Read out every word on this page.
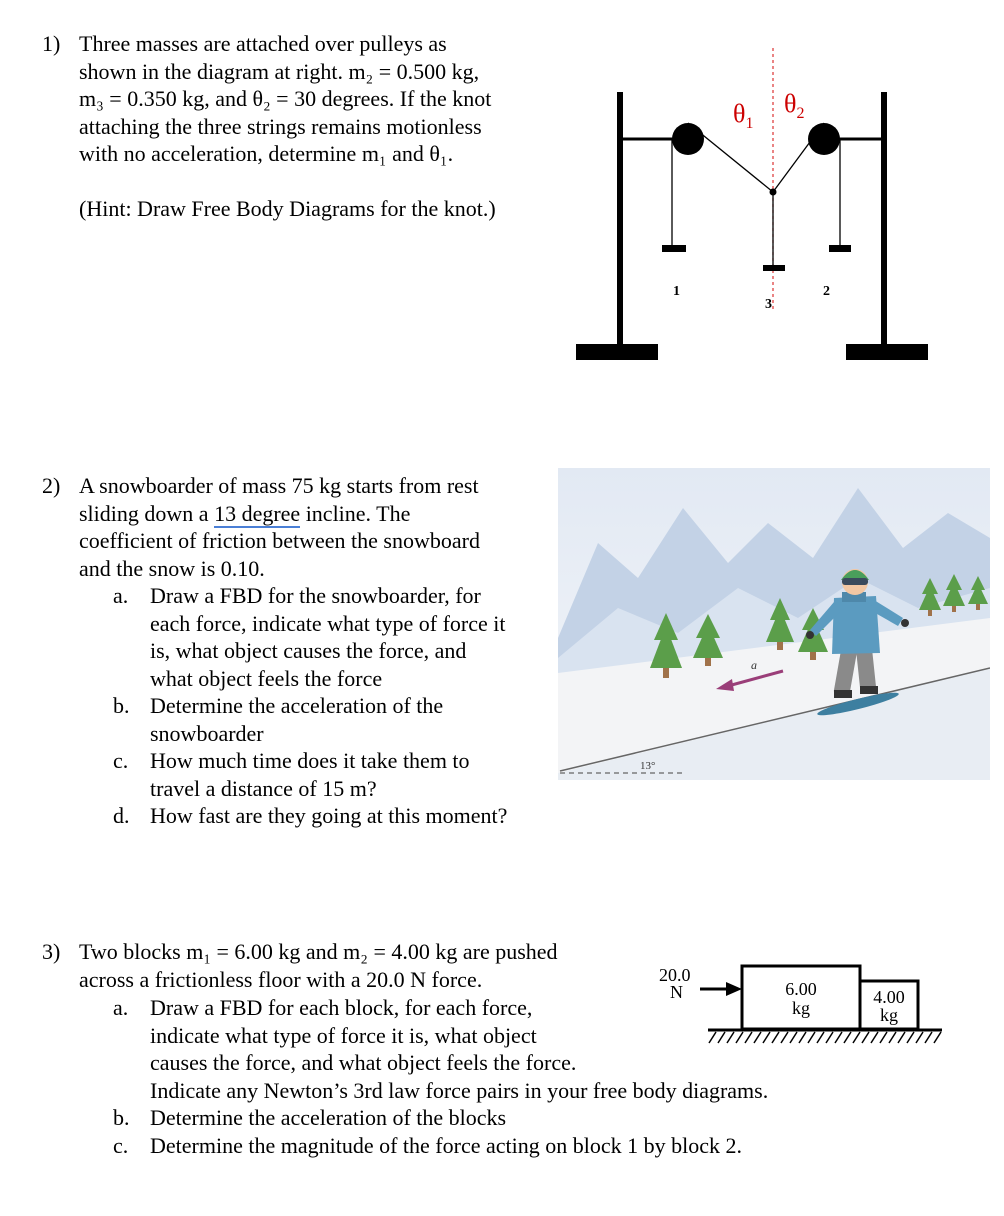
1) Three masses are attached over pulleys as
shown in the diagram at right. m₂ = 0.500 kg,
m₃ = 0.350 kg, and θ₂ = 30 degrees. If the knot
attaching the three strings remains motionless
with no acceleration, determine m₁ and θ₁.
(Hint: Draw Free Body Diagrams for the knot.)
1
3
2
$\theta_1$
$\theta_2$
2) A snowboarder of mass 75 kg starts from rest
sliding down a 13 degree incline. The
coefficient of friction between the snowboard
and the snow is 0.10.
a. Draw a FBD for the snowboarder, for
each force, indicate what type of force it
is, what object causes the force, and
what object feels the force
b. Determine the acceleration of the
snowboarder
c. How much time does it take them to
travel a distance of 15 m?
d. How fast are they going at this moment?
13°
a
3) Two blocks m₁ = 6.00 kg and m₂ = 4.00 kg are pushed
across a frictionless floor with a 20.0 N force.
a. Draw a FBD for each block, for each force,
indicate what type of force it is, what object
causes the force, and what object feels the force.
Indicate any Newton’s 3rd law force pairs in your free body diagrams.
b. Determine the acceleration of the blocks
c. Determine the magnitude of the force acting on block 1 by block 2.
20.0
N	6.00
kg
4.00
kg
